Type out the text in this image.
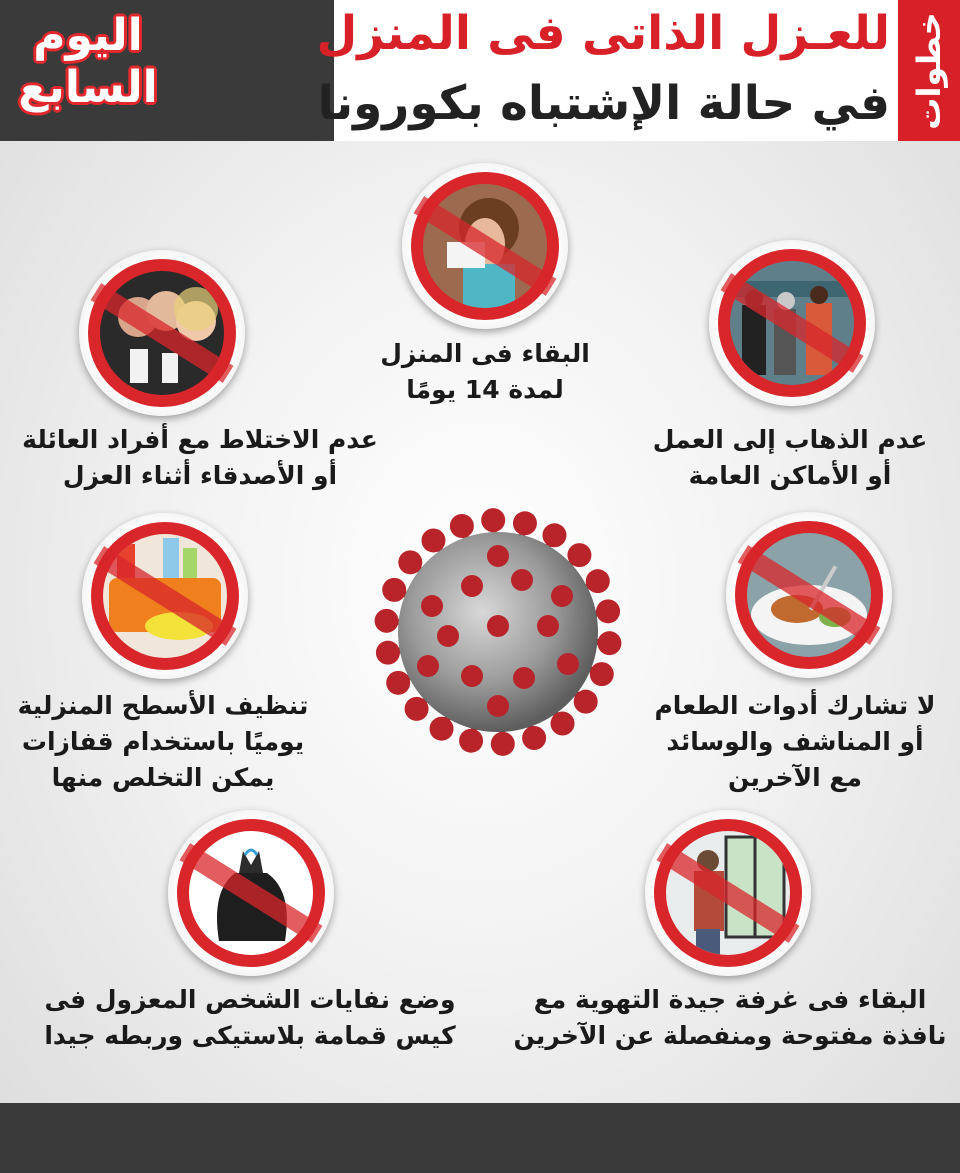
اليوم
السابع
للعـزل الذاتى فى المنزل
في حالة الإشتباه بكورونا خطوات
البقاء فى المنزل
لمدة 14 يومًا
عدم الاختلاط مع أفراد العائلة
أو الأصدقاء أثناء العزل
عدم الذهاب إلى العمل
أو الأماكن العامة
تنظيف الأسطح المنزلية
يوميًا باستخدام قفازات
يمكن التخلص منها
لا تشارك أدوات الطعام
أو المناشف والوسائد
مع الآخرين
وضع نفايات الشخص المعزول فى
كيس قمامة بلاستيكى وربطه جيدا
البقاء فى غرفة جيدة التهوية مع
نافذة مفتوحة ومنفصلة عن الآخرين
